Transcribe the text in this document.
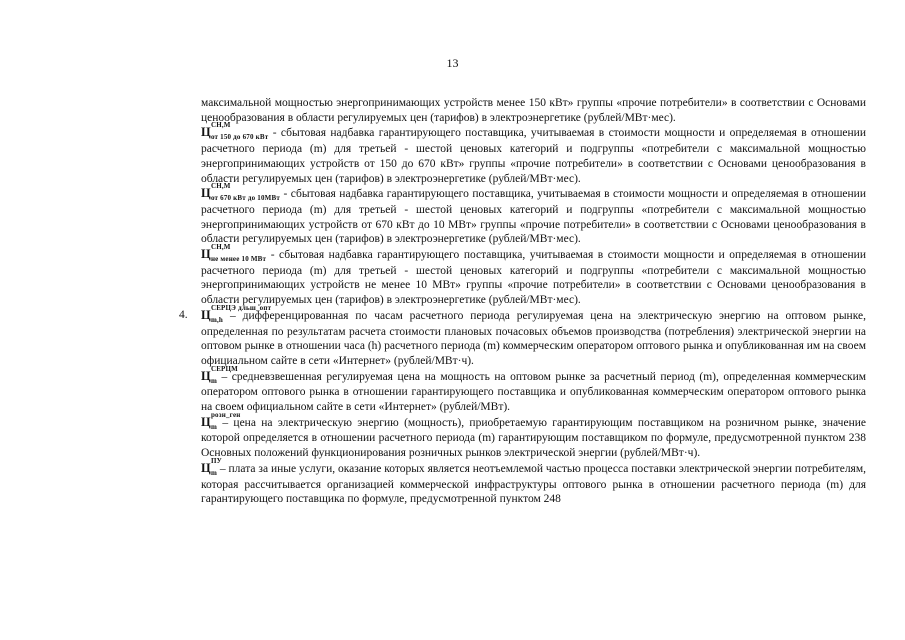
13

максимальной мощностью энергопринимающих устройств менее 150 кВт» группы «прочие потребители» в соответствии с Основами ценообразования в области регулируемых цен (тарифов) в электроэнергетике (рублей/МВт·мес).

Ц СН,М
$_{от 150 до 670 кВт}$ - сбытовая надбавка гарантирующего поставщика, учитываемая в стоимости мощности и определяемая в отношении расчетного периода (m) для третьей - шестой ценовых категорий и подгруппы «потребители с максимальной мощностью энергопринимающих устройств от 150 до 670 кВт» группы «прочие потребители» в соответствии с Основами ценообразования в области регулируемых цен (тарифов) в электроэнергетике (рублей/МВт·мес).

Ц СН,М
$_{от 670 кВт до 10МВт}$ - сбытовая надбавка гарантирующего поставщика, учитываемая в стоимости мощности и определяемая в отношении расчетного периода (m) для третьей - шестой ценовых категорий и подгруппы «потребители с максимальной мощностью энергопринимающих устройств от 670 кВт до 10 МВт» группы «прочие потребители» в соответствии с Основами ценообразования в области регулируемых цен (тарифов) в электроэнергетике (рублей/МВт·мес).

Ц СН,М
$_{не менее 10 МВт}$ - сбытовая надбавка гарантирующего поставщика, учитываемая в стоимости мощности и определяемая в отношении расчетного периода (m) для третьей - шестой ценовых категорий и подгруппы «потребители с максимальной мощностью энергопринимающих устройств не менее 10 МВт» группы «прочие потребители» в соответствии с Основами ценообразования в области регулируемых цен (тарифов) в электроэнергетике (рублей/МВт·мес).

4. Ц СЕРЦЭ дльш_опт
$_{m,h}$ – дифференцированная по часам расчетного периода регулируемая цена на электрическую энергию на оптовом рынке, определенная по результатам расчета стоимости плановых почасовых объемов производства (потребления) электрической энергии на оптовом рынке в отношении часа (h) расчетного периода (m) коммерческим оператором оптового рынка и опубликованная им на своем официальном сайте в сети «Интернет» (рублей/МВт·ч).

Ц СЕРЦМ
$_m$ – средневзвешенная регулируемая цена на мощность на оптовом рынке за расчетный период (m), определенная коммерческим оператором оптового рынка в отношении гарантирующего поставщика и опубликованная коммерческим оператором оптового рынка на своем официальном сайте в сети «Интернет» (рублей/МВт).

Ц розн_ген
$_m$ – цена на электрическую энергию (мощность), приобретаемую гарантирующим поставщиком на розничном рынке, значение которой определяется в отношении расчетного периода (m) гарантирующим поставщиком по формуле, предусмотренной пунктом 238 Основных положений функционирования розничных рынков электрической энергии (рублей/МВт·ч).

Ц ПУ
$_m$ – плата за иные услуги, оказание которых является неотъемлемой частью процесса поставки электрической энергии потребителям, которая рассчитывается организацией коммерческой инфраструктуры оптового рынка в отношении расчетного периода (m) для гарантирующего поставщика по формуле, предусмотренной пунктом 248
